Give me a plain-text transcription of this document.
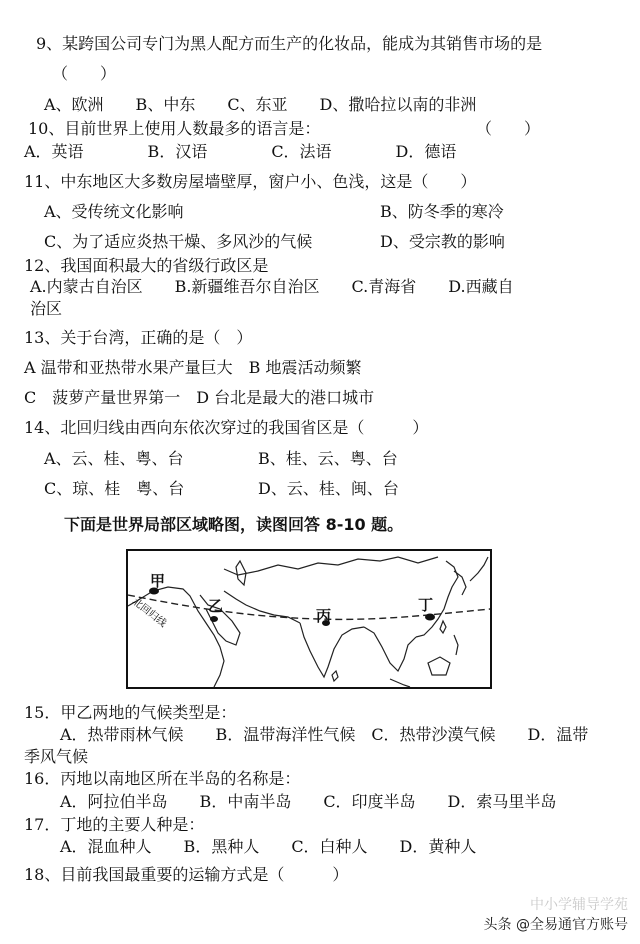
9、某跨国公司专门为黑人配方而生产的化妆品，能成为其销售市场的是
（　　）
A、欧洲　　B、中东　　C、东亚　　D、撒哈拉以南的非洲
10、目前世界上使用人数最多的语言是：	（　　）
A．英语　　　　B．汉语　　　　C．法语　　　　D．德语
11、中东地区大多数房屋墙壁厚，窗户小、色浅，这是（　　）
A、受传统文化影响	B、防冬季的寒冷
C、为了适应炎热干燥、多风沙的气候	D、受宗教的影响
12、我国面积最大的省级行政区是
A.内蒙古自治区　　B.新疆维吾尔自治区　　C.青海省　　D.西藏自
治区
13、关于台湾，正确的是（　）
A 温带和亚热带水果产量巨大　B 地震活动频繁
C　菠萝产量世界第一　D 台北是最大的港口城市
14、北回归线由西向东依次穿过的我国省区是（　　　）
A、云、桂、粤、台	B、桂、云、粤、台
C、琼、桂　粤、台	D、云、桂、闽、台
下面是世界局部区域略图，读图回答 8-10 题。
甲
乙
丙
丁
北回归线
15．甲乙两地的气候类型是：
A．热带雨林气候　　B．温带海洋性气候　C．热带沙漠气候　　D．温带
季风气候
16．丙地以南地区所在半岛的名称是：
A．阿拉伯半岛　　B．中南半岛　　C．印度半岛　　D．索马里半岛
17．丁地的主要人种是：
A．混血种人　　B．黑种人　　C．白种人　　D．黄种人
18、目前我国最重要的运输方式是（　　　）
中小学辅导学苑
头条 @全易通官方账号
